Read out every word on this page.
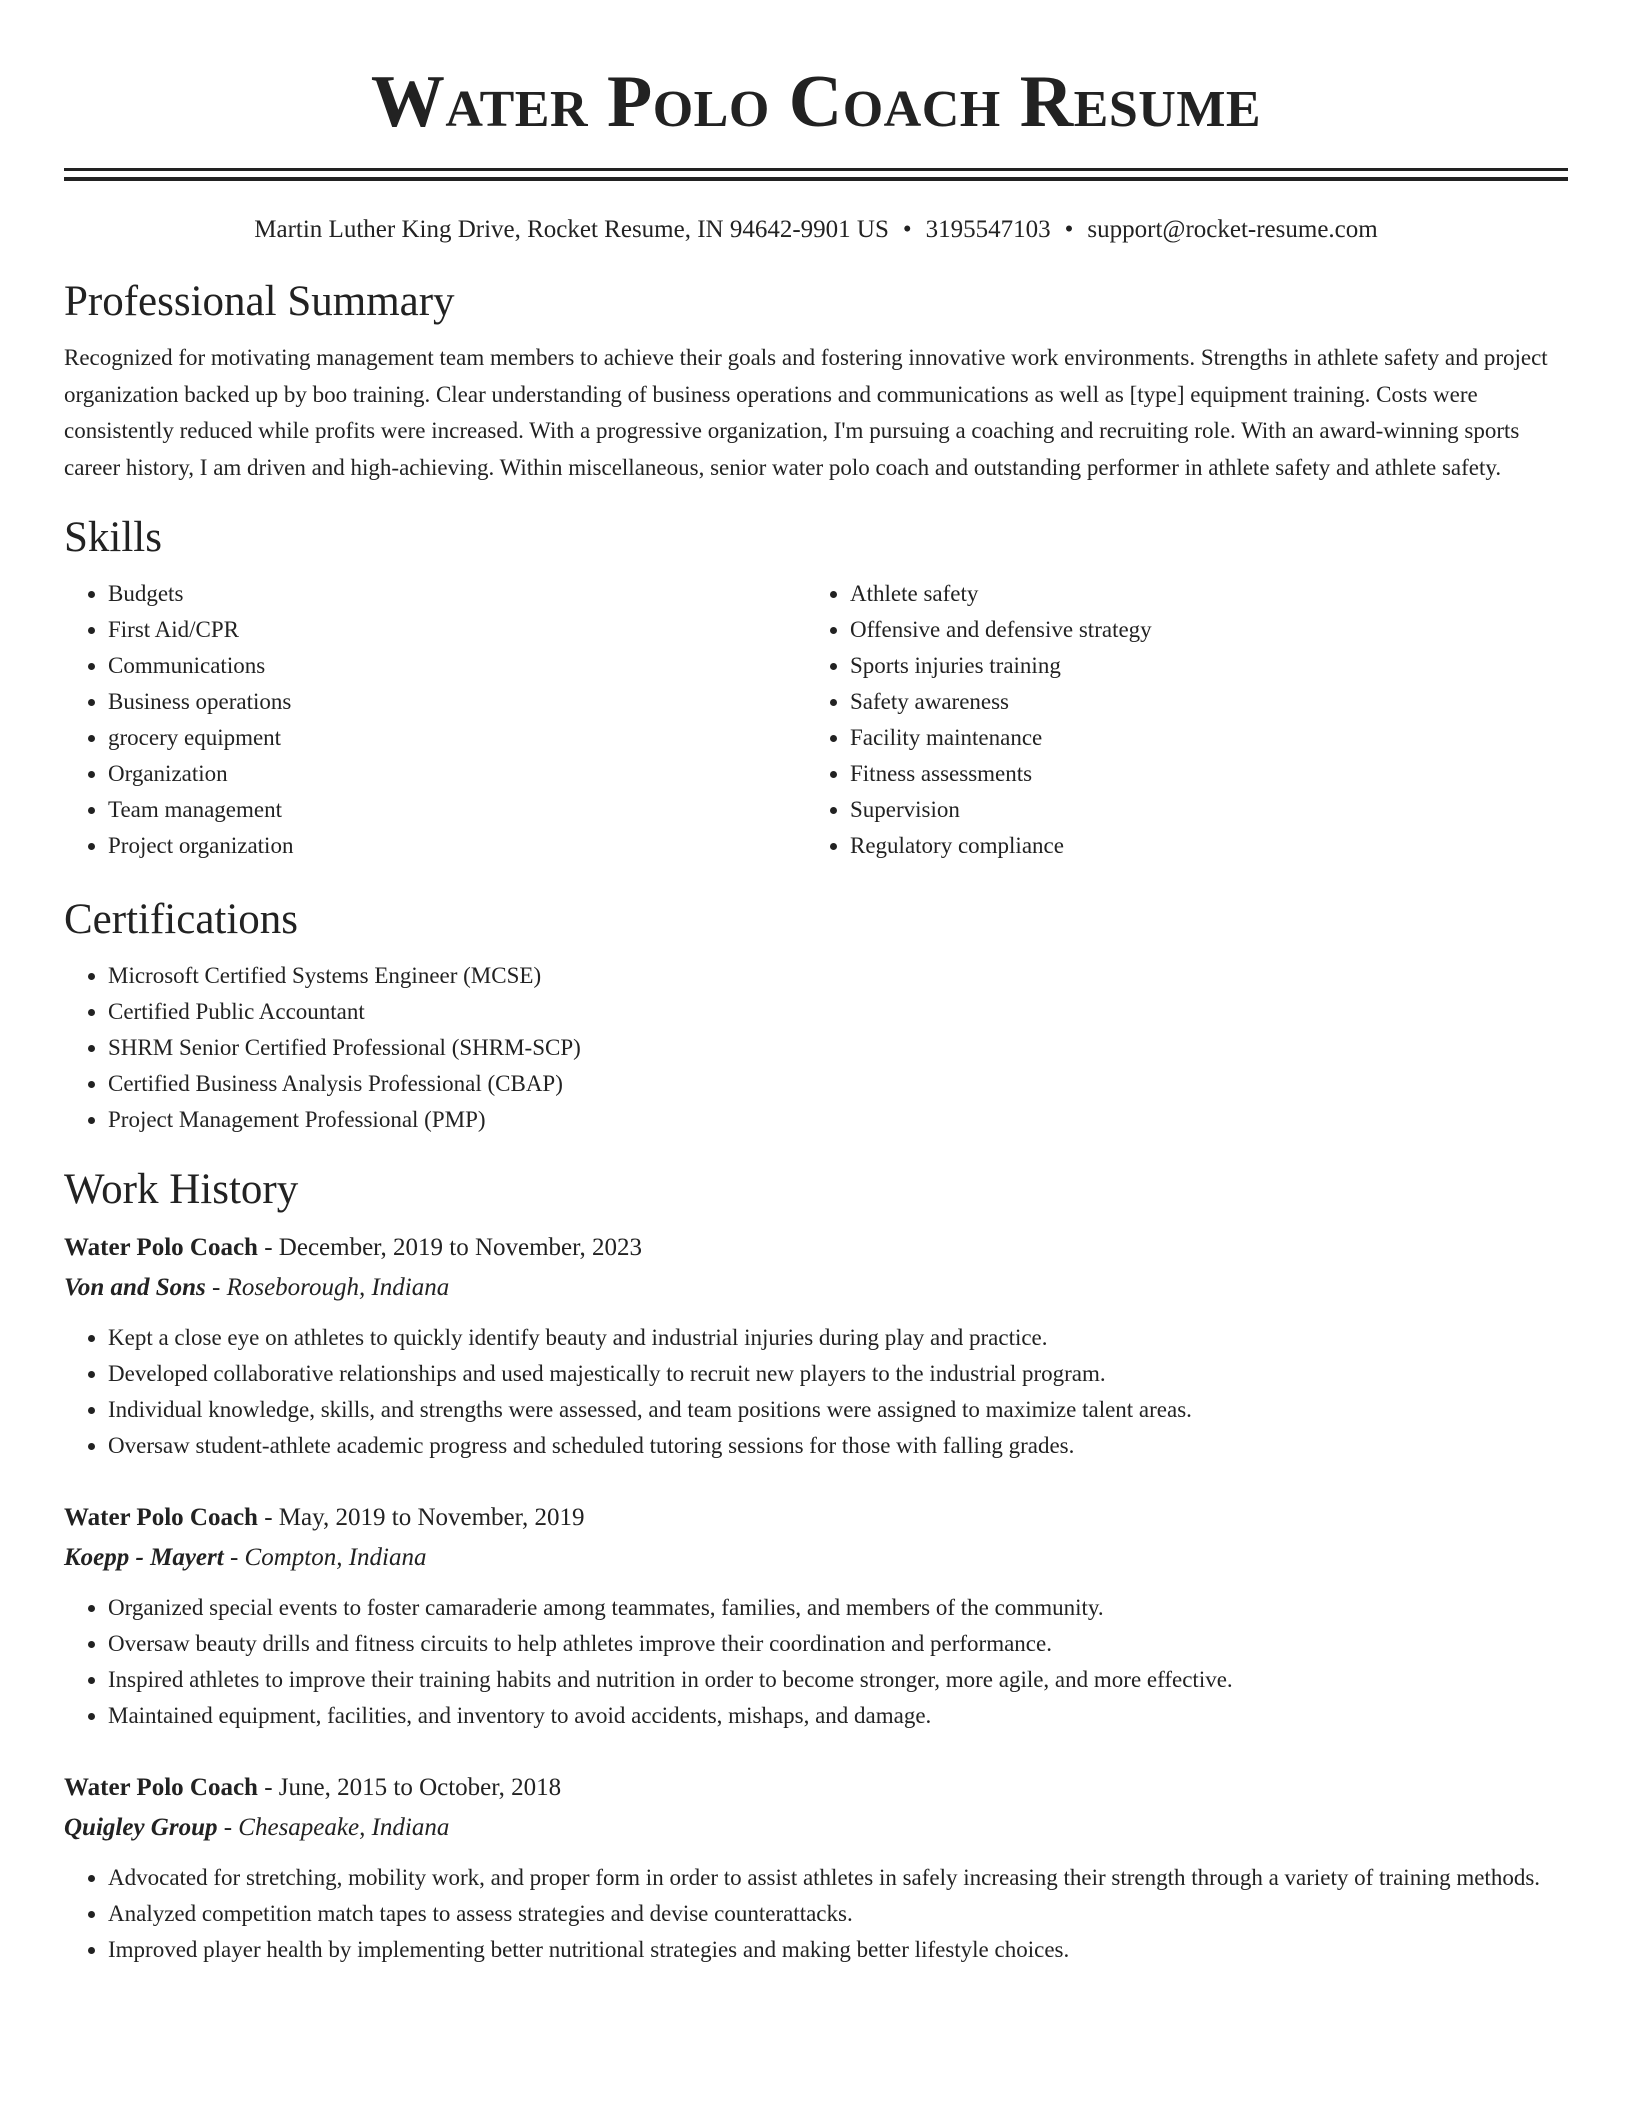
Water Polo Coach Resume
Martin Luther King Drive, Rocket Resume, IN 94642-9901 US • 3195547103 • support@rocket-resume.com
Professional Summary

Recognized for motivating management team members to achieve their goals and fostering innovative work environments. Strengths in athlete safety and project organization backed up by boo training. Clear understanding of business operations and communications as well as [type] equipment training. Costs were consistently reduced while profits were increased. With a progressive organization, I'm pursuing a coaching and recruiting role. With an award-winning sports career history, I am driven and high-achieving. Within miscellaneous, senior water polo coach and outstanding performer in athlete safety and athlete safety.

Skills
• Budgets
• First Aid/CPR
• Communications
• Business operations
• grocery equipment
• Organization
• Team management
• Project organization
• Athlete safety
• Offensive and defensive strategy
• Sports injuries training
• Safety awareness
• Facility maintenance
• Fitness assessments
• Supervision
• Regulatory compliance
Certifications
• Microsoft Certified Systems Engineer (MCSE)
• Certified Public Accountant
• SHRM Senior Certified Professional (SHRM-SCP)
• Certified Business Analysis Professional (CBAP)
• Project Management Professional (PMP)
Work History
Water Polo Coach - December, 2019 to November, 2023
Von and Sons - Roseborough, Indiana
• Kept a close eye on athletes to quickly identify beauty and industrial injuries during play and practice.
• Developed collaborative relationships and used majestically to recruit new players to the industrial program.
• Individual knowledge, skills, and strengths were assessed, and team positions were assigned to maximize talent areas.
• Oversaw student-athlete academic progress and scheduled tutoring sessions for those with falling grades.
Water Polo Coach - May, 2019 to November, 2019
Koepp - Mayert - Compton, Indiana
• Organized special events to foster camaraderie among teammates, families, and members of the community.
• Oversaw beauty drills and fitness circuits to help athletes improve their coordination and performance.
• Inspired athletes to improve their training habits and nutrition in order to become stronger, more agile, and more effective.
• Maintained equipment, facilities, and inventory to avoid accidents, mishaps, and damage.
Water Polo Coach - June, 2015 to October, 2018
Quigley Group - Chesapeake, Indiana
• Advocated for stretching, mobility work, and proper form in order to assist athletes in safely increasing their strength through a variety of training methods.
• Analyzed competition match tapes to assess strategies and devise counterattacks.
• Improved player health by implementing better nutritional strategies and making better lifestyle choices.
